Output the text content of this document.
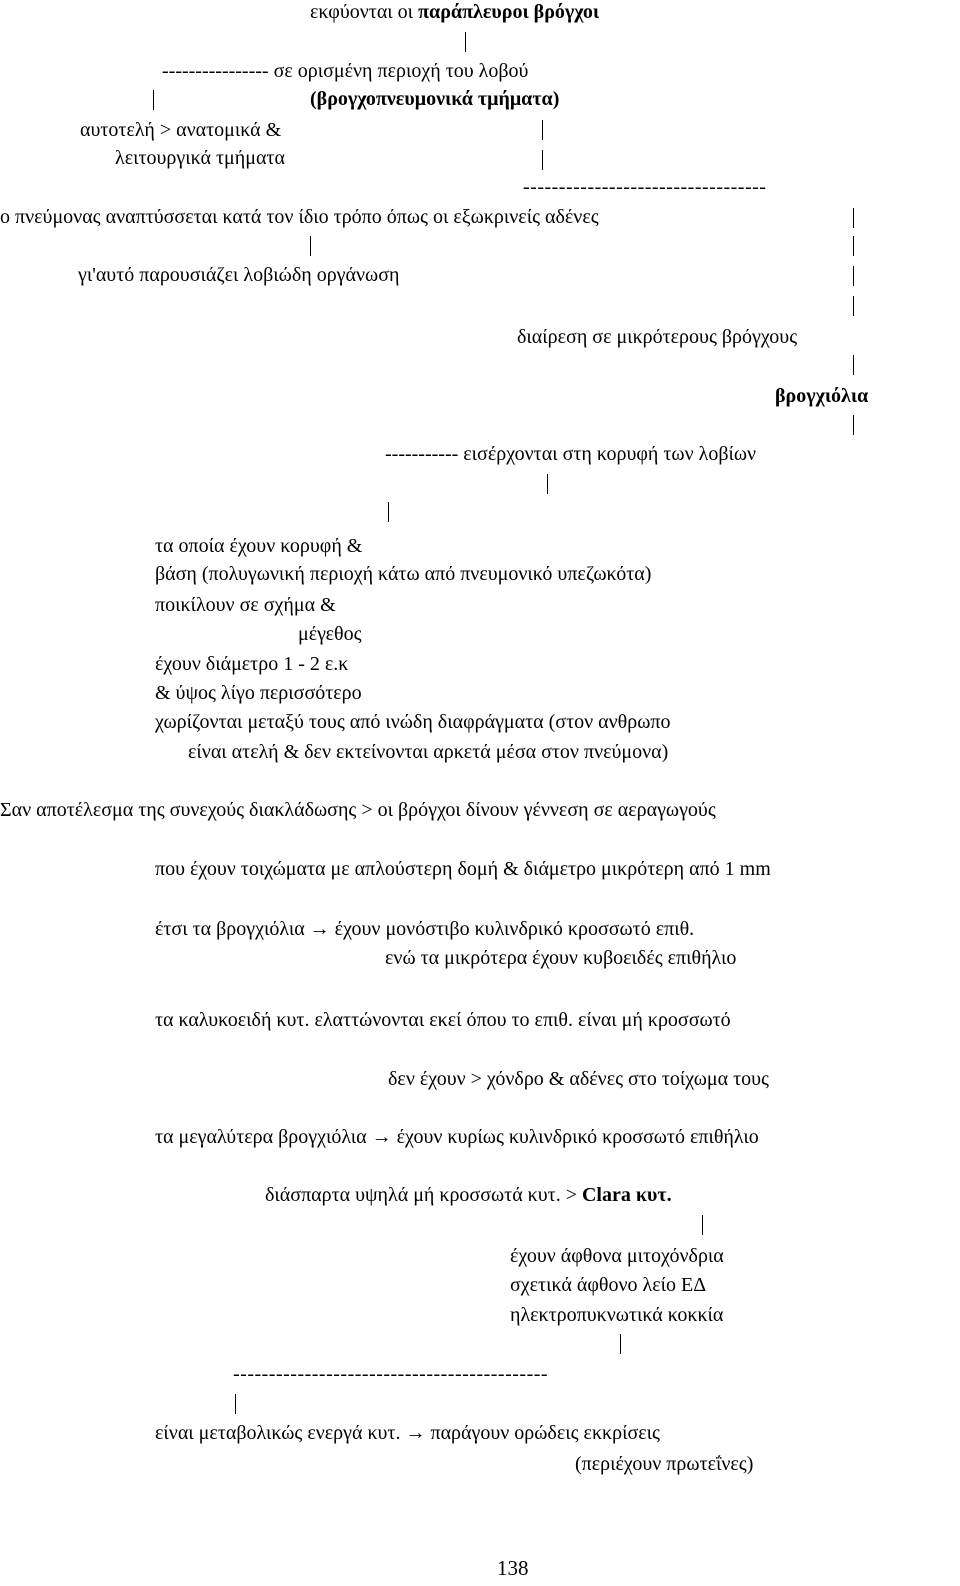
εκφύονται οι παράπλευροι βρόγχοι
---------------- σε ορισμένη περιοχή του λοβού
(βρογχοπνευμονικά τμήματα)
αυτοτελή > ανατομικά &
λειτουργικά τμήματα
----------------------------------
ο πνεύμονας αναπτύσσεται κατά τον ίδιο τρόπο όπως οι εξωκρινείς αδένες
γι'αυτό παρουσιάζει λοβιώδη οργάνωση
διαίρεση σε μικρότερους βρόγχους
βρογχιόλια
----------- εισέρχονται στη κορυφή των λοβίων
τα οποία έχουν κορυφή &
βάση (πολυγωνική περιοχή κάτω από πνευμονικό υπεζωκότα)
ποικίλουν σε σχήμα &
μέγεθος
έχουν διάμετρο 1 - 2 ε.κ
& ύψος λίγο περισσότερο
χωρίζονται μεταξύ τους από ινώδη διαφράγματα (στον ανθρωπο
είναι ατελή & δεν εκτείνονται αρκετά μέσα στον πνεύμονα)
Σαν αποτέλεσμα της συνεχούς διακλάδωσης > οι βρόγχοι δίνουν γέννεση σε αεραγωγούς
που έχουν τοιχώματα με απλούστερη δομή & διάμετρο μικρότερη από 1 mm
έτσι τα βρογχιόλια → έχουν μονόστιβο κυλινδρικό κροσσωτό επιθ.
ενώ τα μικρότερα έχουν κυβοειδές επιθήλιο
τα καλυκοειδή κυτ. ελαττώνονται εκεί όπου το επιθ. είναι μή κροσσωτό
δεν έχουν > χόνδρο & αδένες στο τοίχωμα τους
τα μεγαλύτερα βρογχιόλια → έχουν κυρίως κυλινδρικό κροσσωτό επιθήλιο
διάσπαρτα υψηλά μή κροσσωτά κυτ. > Clara κυτ.
έχουν άφθονα μιτοχόνδρια
σχετικά άφθονο λείο ΕΔ
ηλεκτροπυκνωτικά κοκκία
--------------------------------------------
είναι μεταβολικώς ενεργά κυτ. → παράγουν ορώδεις εκκρίσεις
(περιέχουν πρωτεΐνες)
138
